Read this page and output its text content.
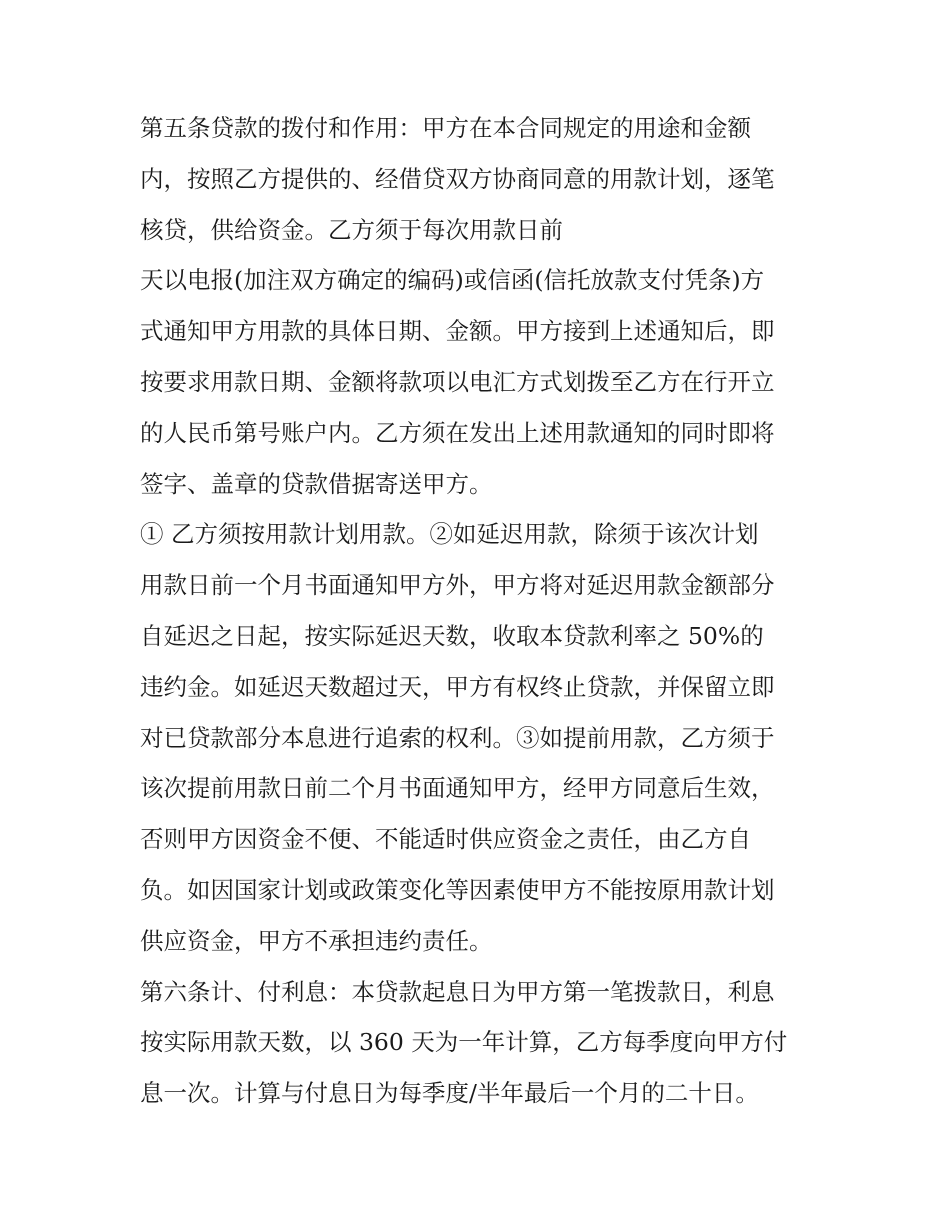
第五条贷款的拨付和作用：甲方在本合同规定的用途和金额
内，按照乙方提供的、经借贷双方协商同意的用款计划，逐笔
核贷，供给资金。乙方须于每次用款日前
天以电报(加注双方确定的编码)或信函(信托放款支付凭条)方
式通知甲方用款的具体日期、金额。甲方接到上述通知后，即
按要求用款日期、金额将款项以电汇方式划拨至乙方在行开立
的人民币第号账户内。乙方须在发出上述用款通知的同时即将
签字、盖章的贷款借据寄送甲方。
① 乙方须按用款计划用款。②如延迟用款，除须于该次计划
用款日前一个月书面通知甲方外，甲方将对延迟用款金额部分
自延迟之日起，按实际延迟天数，收取本贷款利率之 50%的
违约金。如延迟天数超过天，甲方有权终止贷款，并保留立即
对已贷款部分本息进行追索的权利。③如提前用款，乙方须于
该次提前用款日前二个月书面通知甲方，经甲方同意后生效，
否则甲方因资金不便、不能适时供应资金之责任，由乙方自
负。如因国家计划或政策变化等因素使甲方不能按原用款计划
供应资金，甲方不承担违约责任。
第六条计、付利息：本贷款起息日为甲方第一笔拨款日，利息
按实际用款天数，以 360 天为一年计算，乙方每季度向甲方付
息一次。计算与付息日为每季度/半年最后一个月的二十日。
